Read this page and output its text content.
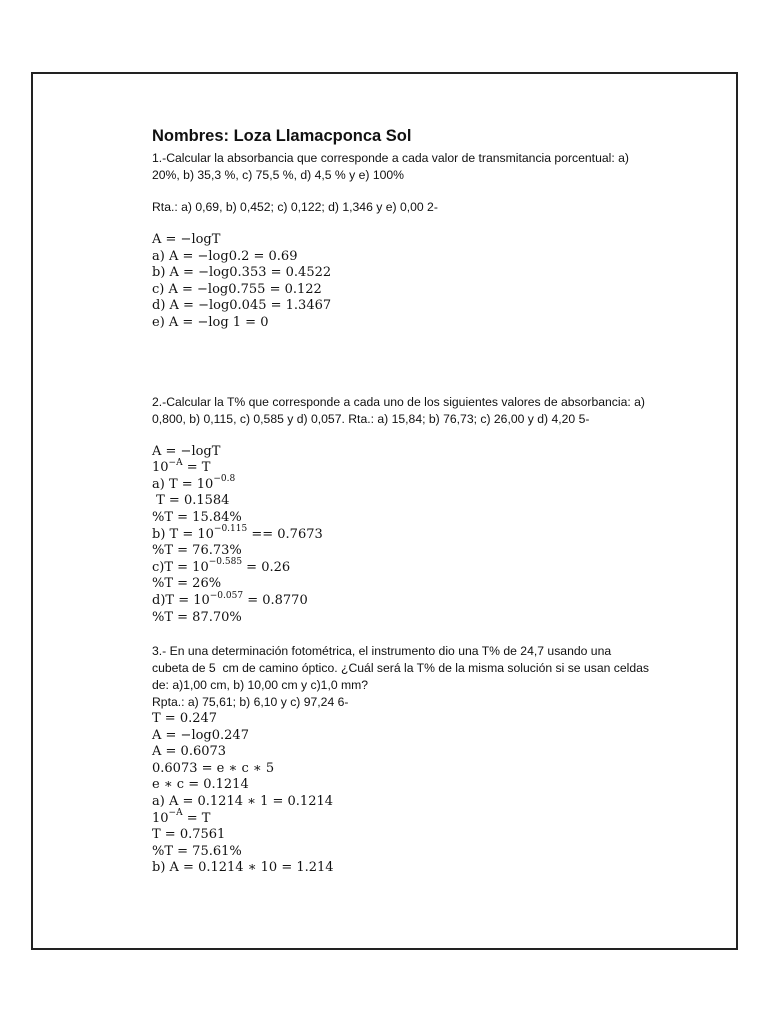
Nombres: Loza Llamacponca Sol

1.-Calcular la absorbancia que corresponde a cada valor de transmitancia porcentual: a)
20%, b) 35,3 %, c) 75,5 %, d) 4,5 % y e) 100%

Rta.: a) 0,69, b) 0,452; c) 0,122; d) 1,346 y e) 0,00 2-

A = −logT

a) A = −log0.2 = 0.69

b) A = −log0.353 = 0.4522

c) A = −log0.755 = 0.122

d) A = −log0.045 = 1.3467

e) A = −log 1 = 0

2.-Calcular la T% que corresponde a cada uno de los siguientes valores de absorbancia: a)
0,800, b) 0,115, c) 0,585 y d) 0,057. Rta.: a) 15,84; b) 76,73; c) 26,00 y d) 4,20 5-

A = −logT

$10^{-A} = T$

a) $T = 10^{-0.8}$

T = 0.1584

%T = 15.84%

b) $T = 10^{-0.115} == 0.7673$

%T = 76.73%

$c)T = 10^{-0.585} = 0.26$

%T = 26%

$d)T = 10^{-0.057} = 0.8770$

%T = 87.70%

3.- En una determinación fotométrica, el instrumento dio una T% de 24,7 usando una
cubeta de 5  cm de camino óptico. ¿Cuál será la T% de la misma solución si se usan celdas
de: a)1,00 cm, b) 10,00 cm y c)1,0 mm?

Rpta.: a) 75,61; b) 6,10 y c) 97,24 6-

T = 0.247

A = −log0.247

A = 0.6073

0.6073 = e ∗ c ∗ 5

e ∗ c = 0.1214

a) A = 0.1214 ∗ 1 = 0.1214

$10^{-A} = T$

T = 0.7561

%T = 75.61%

b) A = 0.1214 ∗ 10 = 1.214
